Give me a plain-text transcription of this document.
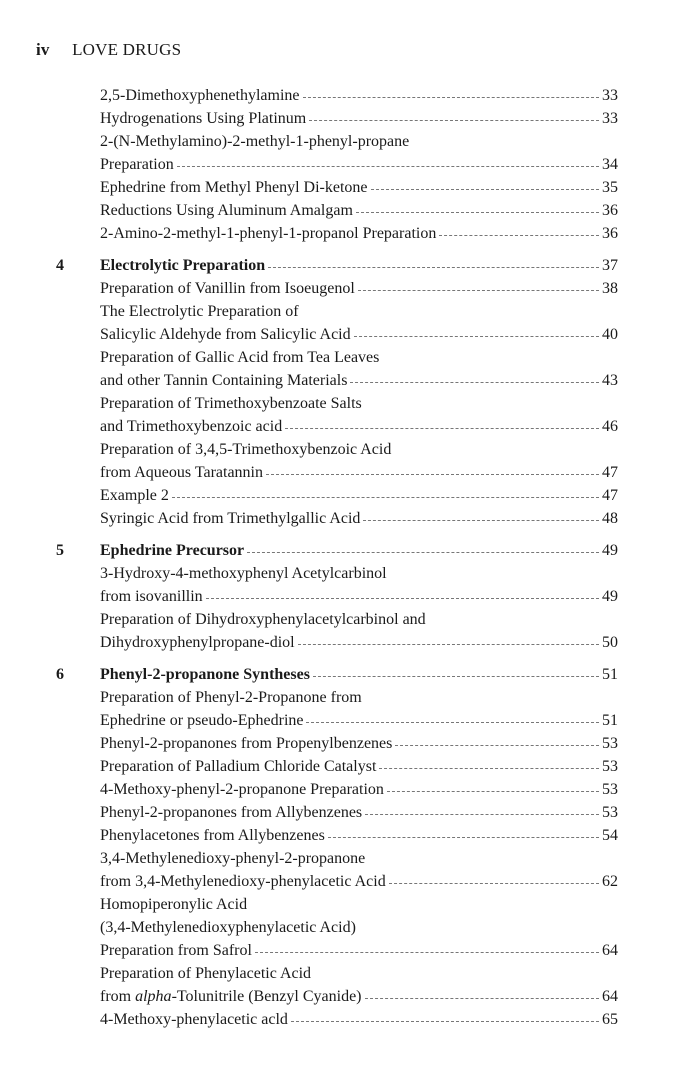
iv LOVE DRUGS
2,5-Dimethoxyphenethylamine	33
Hydrogenations Using Platinum	33
2-(N-Methylamino)-2-methyl-1-phenyl-propane
Preparation	34
Ephedrine from Methyl Phenyl Di-ketone	35
Reductions Using Aluminum Amalgam	36
2-Amino-2-methyl-1-phenyl-1-propanol Preparation	36
4	Electrolytic Preparation	37
Preparation of Vanillin from Isoeugenol	38
The Electrolytic Preparation of
Salicylic Aldehyde from Salicylic Acid	40
Preparation of Gallic Acid from Tea Leaves
and other Tannin Containing Materials	43
Preparation of Trimethoxybenzoate Salts
and Trimethoxybenzoic acid	46
Preparation of 3,4,5-Trimethoxybenzoic Acid
from Aqueous Taratannin	47
Example 2	47
Syringic Acid from Trimethylgallic Acid	48
5	Ephedrine Precursor	49
3-Hydroxy-4-methoxyphenyl Acetylcarbinol
from isovanillin	49
Preparation of Dihydroxyphenylacetylcarbinol and
Dihydroxyphenylpropane-diol	50
6	Phenyl-2-propanone Syntheses	51
Preparation of Phenyl-2-Propanone from
Ephedrine or pseudo-Ephedrine	51
Phenyl-2-propanones from Propenylbenzenes	53
Preparation of Palladium Chloride Catalyst	53
4-Methoxy-phenyl-2-propanone Preparation	53
Phenyl-2-propanones from Allybenzenes	53
Phenylacetones from Allybenzenes	54
3,4-Methylenedioxy-phenyl-2-propanone
from 3,4-Methylenedioxy-phenylacetic Acid	62
Homopiperonylic Acid
(3,4-Methylenedioxyphenylacetic Acid)
Preparation from Safrol	64
Preparation of Phenylacetic Acid
from alpha-Tolunitrile (Benzyl Cyanide)	64
4-Methoxy-phenylacetic acld	65
